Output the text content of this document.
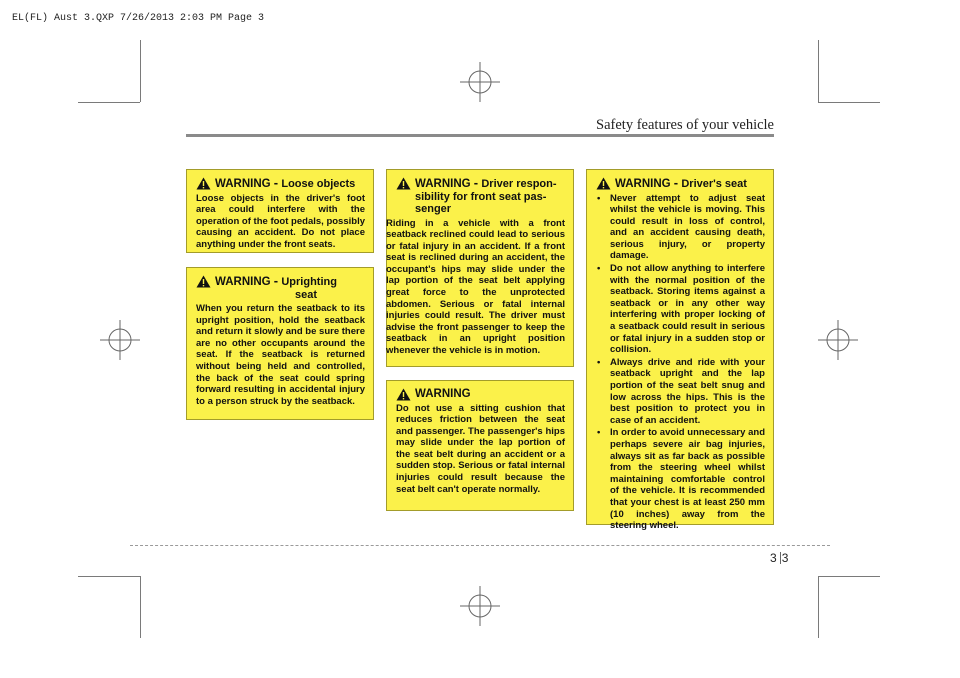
EL(FL) Aust 3.QXP 7/26/2013 2:03 PM Page 3
Safety features of your vehicle
WARNING - Loose objects

Loose objects in the driver's foot area could interfere with the operation of the foot pedals, possibly causing an accident. Do not place anything under the front seats.

WARNING - Uprighting
seat

When you return the seatback to its upright position, hold the seatback and return it slowly and be sure there are no other occupants around the seat. If the seatback is returned without being held and controlled, the back of the seat could spring forward resulting in accidental injury to a person struck by the seatback.

WARNING - Driver respon-
sibility for front seat pas-
senger

Riding in a vehicle with a front seatback reclined could lead to serious or fatal injury in an accident. If a front seat is reclined during an accident, the occupant's hips may slide under the lap portion of the seat belt applying great force to the unprotected abdomen. Serious or fatal internal injuries could result. The driver must advise the front passenger to keep the seatback in an upright position whenever the vehicle is in motion.

WARNING

Do not use a sitting cushion that reduces friction between the seat and passenger. The passenger's hips may slide under the lap portion of the seat belt during an accident or a sudden stop. Serious or fatal internal injuries could result because the seat belt can't operate normally.

WARNING - Driver's seat
• Never attempt to adjust seat whilst the vehicle is moving. This could result in loss of control, and an accident causing death, serious injury, or property damage.
• Do not allow anything to interfere with the normal position of the seatback. Storing items against a seatback or in any other way interfering with proper locking of a seatback could result in serious or fatal injury in a sudden stop or collision.
• Always drive and ride with your seatback upright and the lap portion of the seat belt snug and low across the hips. This is the best position to protect you in case of an accident.
• In order to avoid unnecessary and perhaps severe air bag injuries, always sit as far back as possible from the steering wheel whilst maintaining comfortable control of the vehicle. It is recommended that your chest is at least 250 mm (10 inches) away from the steering wheel.
3 3
